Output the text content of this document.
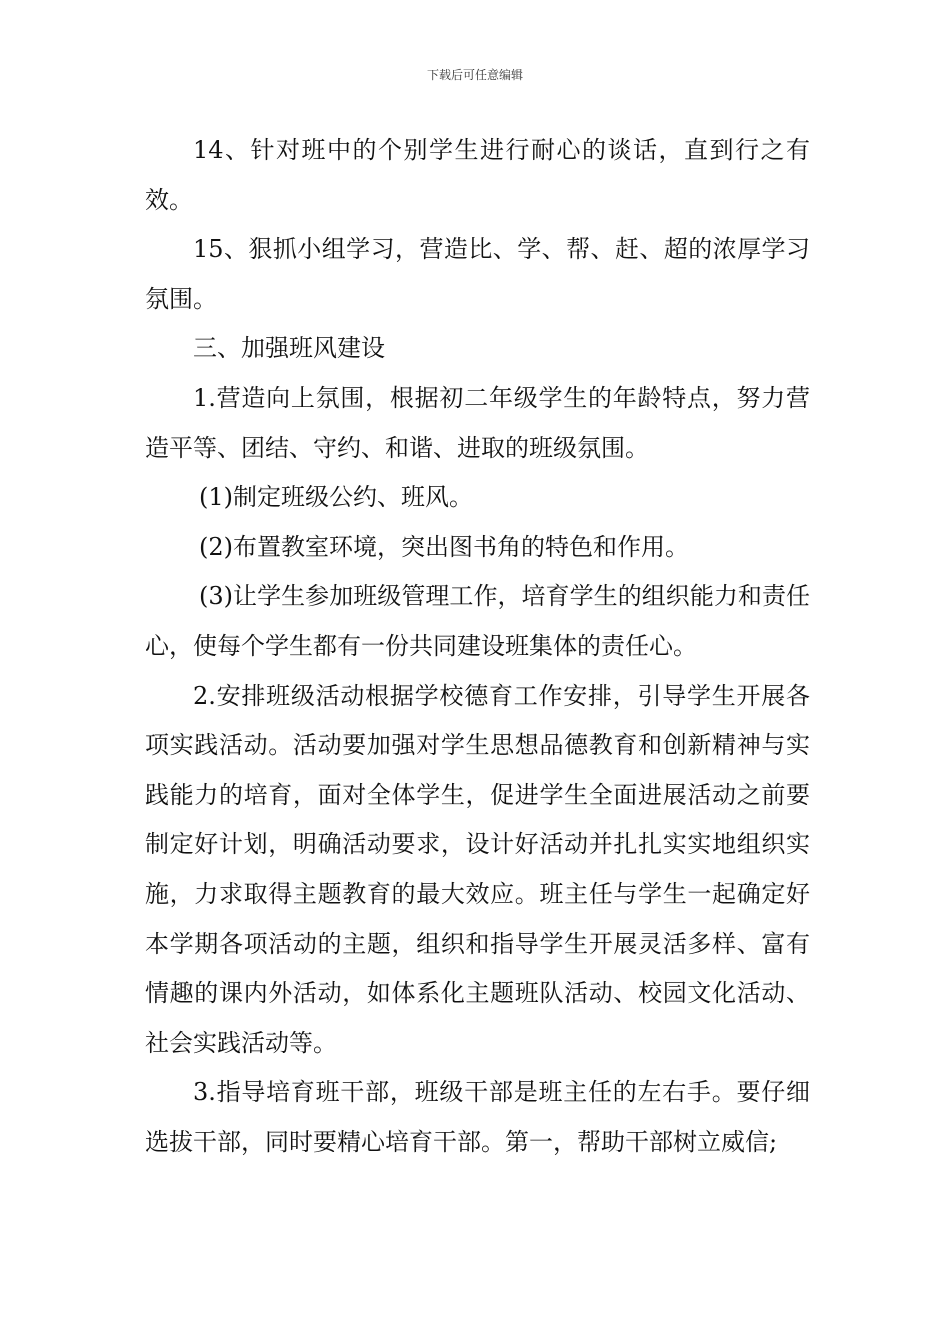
下载后可任意编辑

14、针对班中的个别学生进行耐心的谈话，直到行之有效。

15、狠抓小组学习，营造比、学、帮、赶、超的浓厚学习氛围。

三、加强班风建设

1.营造向上氛围，根据初二年级学生的年龄特点，努力营造平等、团结、守约、和谐、进取的班级氛围。

(1)制定班级公约、班风。

(2)布置教室环境，突出图书角的特色和作用。

(3)让学生参加班级管理工作，培育学生的组织能力和责任心，使每个学生都有一份共同建设班集体的责任心。

2.安排班级活动根据学校德育工作安排，引导学生开展各项实践活动。活动要加强对学生思想品德教育和创新精神与实践能力的培育，面对全体学生，促进学生全面进展活动之前要制定好计划，明确活动要求，设计好活动并扎扎实实地组织实施，力求取得主题教育的最大效应。班主任与学生一起确定好本学期各项活动的主题，组织和指导学生开展灵活多样、富有情趣的课内外活动，如体系化主题班队活动、校园文化活动、社会实践活动等。

3.指导培育班干部，班级干部是班主任的左右手。要仔细选拔干部，同时要精心培育干部。第一，帮助干部树立威信;
